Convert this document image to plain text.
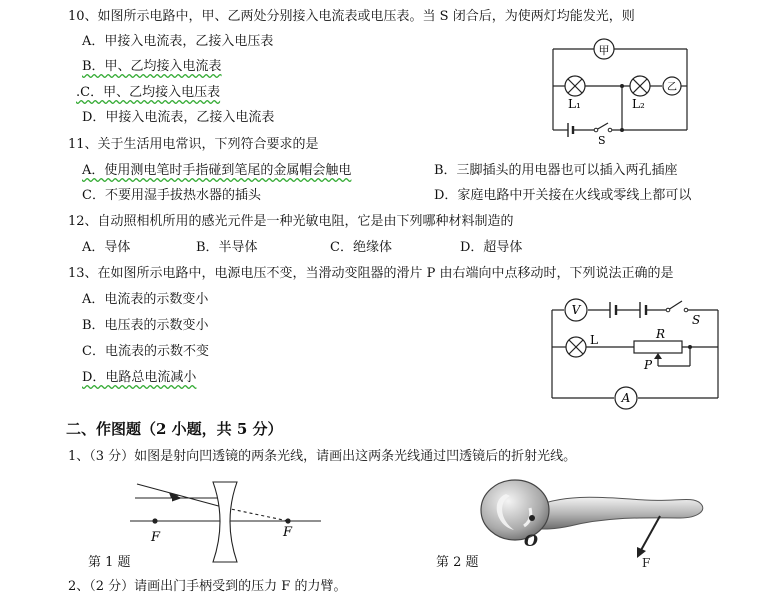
10、如图所示电路中，甲、乙两处分别接入电流表或电压表。当 S 闭合后，为使两灯均能发光，则
A．甲接入电流表，乙接入电压表
B．甲、乙均接入电流表
.C．甲、乙均接入电压表
D．甲接入电流表，乙接入电流表
甲
乙
L₁	L₂
S
11、关于生活用电常识，下列符合要求的是
A．使用测电笔时手指碰到笔尾的金属帽会触电	B．三脚插头的用电器也可以插入两孔插座
C．不要用湿手拔热水器的插头	D．家庭电路中开关接在火线或零线上都可以
12、自动照相机所用的感光元件是一种光敏电阻，它是由下列哪种材料制造的
A．导体	B．半导体	C．绝缘体	D．超导体
13、在如图所示电路中，电源电压不变，当滑动变阻器的滑片 P 由右端向中点移动时，下列说法正确的是
A．电流表的示数变小
B．电压表的示数变小
C．电流表的示数不变
D．电路总电流减小
V
A
L	R
P
S
二、作图题（2 小题，共 5 分）
1、（3 分）如图是射向凹透镜的两条光线，请画出这两条光线通过凹透镜后的折射光线。
F	F
第 1 题
O
F
第 2 题
2、（2 分）请画出门手柄受到的压力 F 的力臂。
